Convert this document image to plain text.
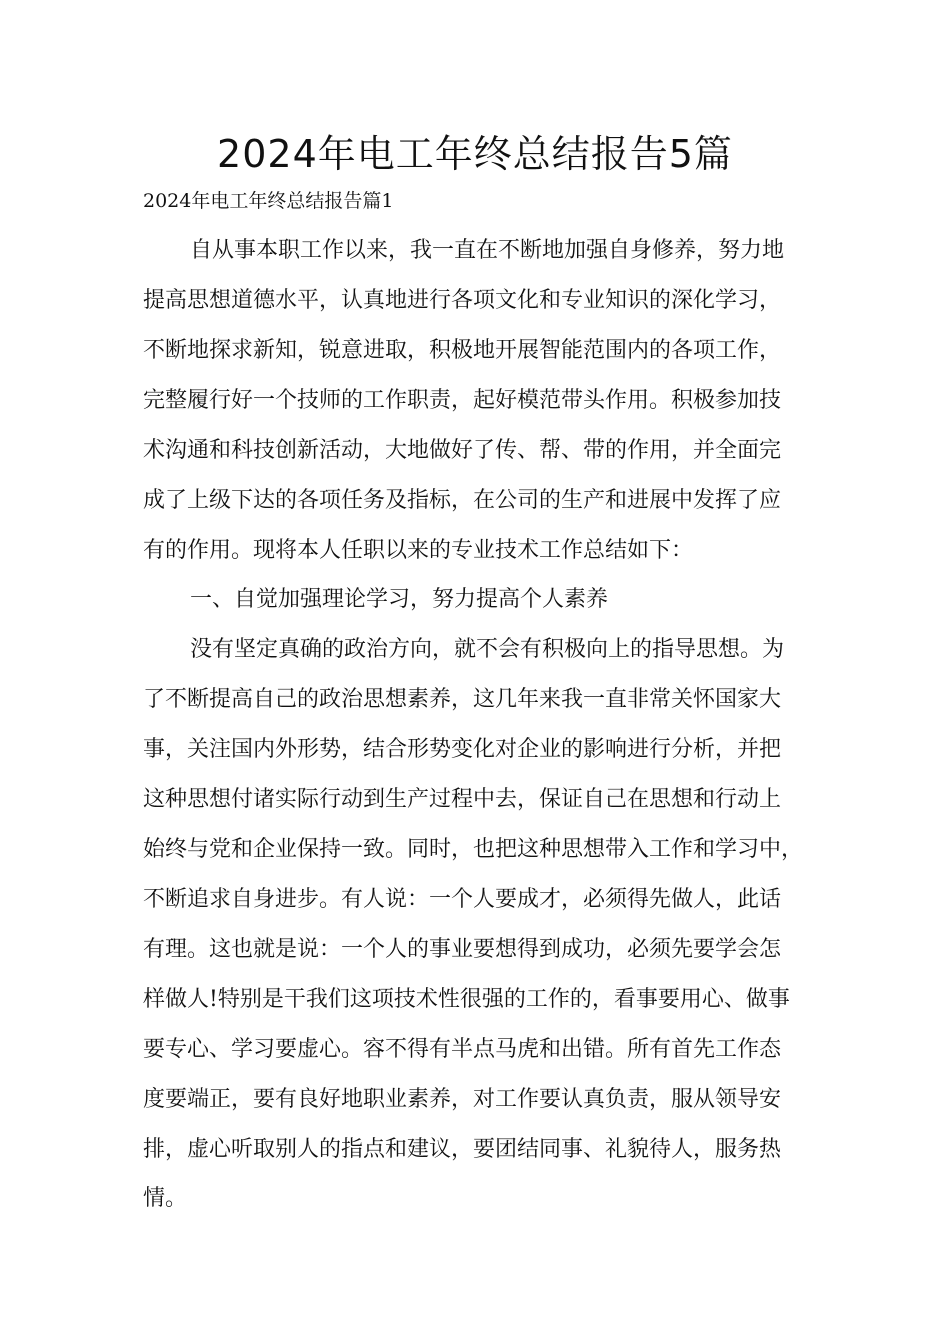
2024年电工年终总结报告5篇

2024年电工年终总结报告篇1

自从事本职工作以来，我一直在不断地加强自身修养，努力地

提高思想道德水平，认真地进行各项文化和专业知识的深化学习，

不断地探求新知，锐意进取，积极地开展智能范围内的各项工作，

完整履行好一个技师的工作职责，起好模范带头作用。积极参加技

术沟通和科技创新活动，大地做好了传、帮、带的作用，并全面完

成了上级下达的各项任务及指标，在公司的生产和进展中发挥了应

有的作用。现将本人任职以来的专业技术工作总结如下：

一、自觉加强理论学习，努力提高个人素养

没有坚定真确的政治方向，就不会有积极向上的指导思想。为

了不断提高自己的政治思想素养，这几年来我一直非常关怀国家大

事，关注国内外形势，结合形势变化对企业的影响进行分析，并把

这种思想付诸实际行动到生产过程中去，保证自己在思想和行动上

始终与党和企业保持一致。同时，也把这种思想带入工作和学习中，

不断追求自身进步。有人说：一个人要成才，必须得先做人，此话

有理。这也就是说：一个人的事业要想得到成功，必须先要学会怎

样做人!特别是干我们这项技术性很强的工作的，看事要用心、做事

要专心、学习要虚心。容不得有半点马虎和出错。所有首先工作态

度要端正，要有良好地职业素养，对工作要认真负责，服从领导安

排，虚心听取别人的指点和建议，要团结同事、礼貌待人，服务热

情。
